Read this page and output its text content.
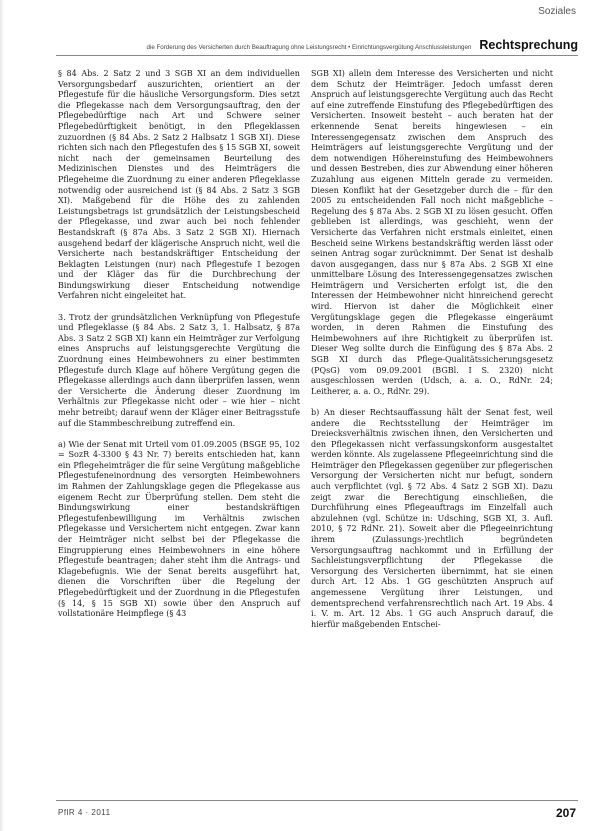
Soziales
die Forderung des Versicherten durch Beauftragung ohne Leistungsrecht • Einrichtungsvergütung Anschlussleistungen Rechtsprechung

§ 84 Abs. 2 Satz 2 und 3 SGB XI an dem individuellen Versorgungsbedarf auszurichten, orientiert an der Pflegestufe für die häusliche Versorgungsform. Dies setzt die Pflegekasse nach dem Versorgungsauftrag, den der Pflegebedürftige nach Art und Schwere seiner Pflegebedürftigkeit benötigt, in den Pflegeklassen zuzuordnen (§ 84 Abs. 2 Satz 2 Halbsatz 1 SGB XI). Diese richten sich nach den Pflegestufen des § 15 SGB XI, soweit nicht nach der gemeinsamen Beurteilung des Medizinischen Dienstes und des Heimträgers die Pflegeheime die Zuordnung zu einer anderen Pflegeklasse notwendig oder ausreichend ist (§ 84 Abs. 2 Satz 3 SGB XI). Maßgebend für die Höhe des zu zahlenden Leistungsbetrags ist grundsätzlich der Leistungsbescheid der Pflegekasse, und zwar auch bei noch fehlender Bestandskraft (§ 87a Abs. 3 Satz 2 SGB XI). Hiernach ausgehend bedarf der klägerische Anspruch nicht, weil die Versicherte nach bestandskräftiger Entscheidung der Beklagten Leistungen (nur) nach Pflegestufe I bezogen und der Kläger das für die Durchbrechung der Bindungswirkung dieser Entscheidung notwendige Verfahren nicht eingeleitet hat.

3. Trotz der grundsätzlichen Verknüpfung von Pflegestufe und Pflegeklasse (§ 84 Abs. 2 Satz 3, 1. Halbsatz, § 87a Abs. 3 Satz 2 SGB XI) kann ein Heimträger zur Verfolgung eines Anspruchs auf leistungsgerechte Vergütung die Zuordnung eines Heimbewohners zu einer bestimmten Pflegestufe durch Klage auf höhere Vergütung gegen die Pflegekasse allerdings auch dann überprüfen lassen, wenn der Versicherte die Änderung dieser Zuordnung im Verhältnis zur Pflegekasse nicht oder – wie hier – nicht mehr betreibt; darauf wenn der Kläger einer Beitragsstufe auf die Stammbeschreibung zutreffend ein.

a) Wie der Senat mit Urteil vom 01.09.2005 (BSGE 95, 102 = SozR 4-3300 § 43 Nr. 7) bereits entschieden hat, kann ein Pflegeheimträger die für seine Vergütung maßgebliche Pflegestufeneinordnung des versorgten Heimbewohners im Rahmen der Zahlungsklage gegen die Pflegekasse aus eigenem Recht zur Überprüfung stellen. Dem steht die Bindungswirkung einer bestandskräftigen Pflegestufenbewilligung im Verhältnis zwischen Pflegekasse und Versichertem nicht entgegen. Zwar kann der Heimträger nicht selbst bei der Pflegekasse die Eingruppierung eines Heimbewohners in eine höhere Pflegestufe beantragen; daher steht ihm die Antrags- und Klagebefugnis. Wie der Senat bereits ausgeführt hat, dienen die Vorschriften über die Regelung der Pflegebedürftigkeit und der Zuordnung in die Pflegestufen (§ 14, § 15 SGB XI) sowie über den Anspruch auf vollstationäre Heimpflege (§ 43

SGB XI) allein dem Interesse des Versicherten und nicht dem Schutz der Heimträger. Jedoch umfasst deren Anspruch auf leistungsgerechte Vergütung auch das Recht auf eine zutreffende Einstufung des Pflegebedürftigen des Versicherten. Insoweit besteht – auch beraten hat der erkennende Senat bereits hingewiesen – ein Interessengegensatz zwischen dem Anspruch des Heimträgers auf leistungsgerechte Vergütung und der dem notwendigen Höhereinstufung des Heimbewohners und dessen Bestreben, dies zur Abwendung einer höheren Zuzahlung aus eigenen Mitteln gerade zu vermeiden. Diesen Konflikt hat der Gesetzgeber durch die – für den 2005 zu entscheidenden Fall noch nicht maßgebliche – Regelung des § 87a Abs. 2 SGB XI zu lösen gesucht. Offen geblieben ist allerdings, was geschieht, wenn der Versicherte das Verfahren nicht erstmals einleitet, einen Bescheid seine Wirkens bestandskräftig werden lässt oder seinen Antrag sogar zurücknimmt. Der Senat ist deshalb davon ausgegangen, dass nur § 87a Abs. 2 SGB XI eine unmittelbare Lösung des Interessengegensatzes zwischen Heimträgern und Versicherten erfolgt ist, die den Interessen der Heimbewohner nicht hinreichend gerecht wird. Hiervon ist daher die Möglichkeit einer Vergütungsklage gegen die Pflegekasse eingeräumt worden, in deren Rahmen die Einstufung des Heimbewohners auf ihre Richtigkeit zu überprüfen ist. Dieser Weg sollte durch die Einfügung des § 87a Abs. 2 SGB XI durch das Pflege-Qualitätssicherungsgesetz (PQsG) vom 09.09.2001 (BGBl. I S. 2320) nicht ausgeschlossen werden (Udsch, a. a. O., RdNr. 24; Leitherer, a. a. O., RdNr. 29).

b) An dieser Rechtsauffassung hält der Senat fest, weil andere die Rechtsstellung der Heimträger im Dreiecksverhältnis zwischen ihnen, den Versicherten und den Pflegekassen nicht verfassungskonform ausgestaltet werden könnte. Als zugelassene Pflegeeinrichtung sind die Heimträger den Pflegekassen gegenüber zur pflegerischen Versorgung der Versicherten nicht nur befugt, sondern auch verpflichtet (vgl. § 72 Abs. 4 Satz 2 SGB XI). Dazu zeigt zwar die Berechtigung einschließen, die Durchführung eines Pflegeauftrags im Einzelfall auch abzulehnen (vgl. Schütze in: Udsching, SGB XI, 3. Aufl. 2010, § 72 RdNr. 21). Soweit aber die Pflegeeinrichtung ihrem (Zulassungs-)rechtlich begründeten Versorgungsauftrag nachkommt und in Erfüllung der Sachleistungsverpflichtung der Pflegekasse die Versorgung des Versicherten übernimmt, hat sie einen durch Art. 12 Abs. 1 GG geschützten Anspruch auf angemessene Vergütung ihrer Leistungen, und dementsprechend verfahrensrechtlich nach Art. 19 Abs. 4 i. V. m. Art. 12 Abs. 1 GG auch Anspruch darauf, die hierfür maßgebenden Entschei-

PflR 4 · 2011	207
